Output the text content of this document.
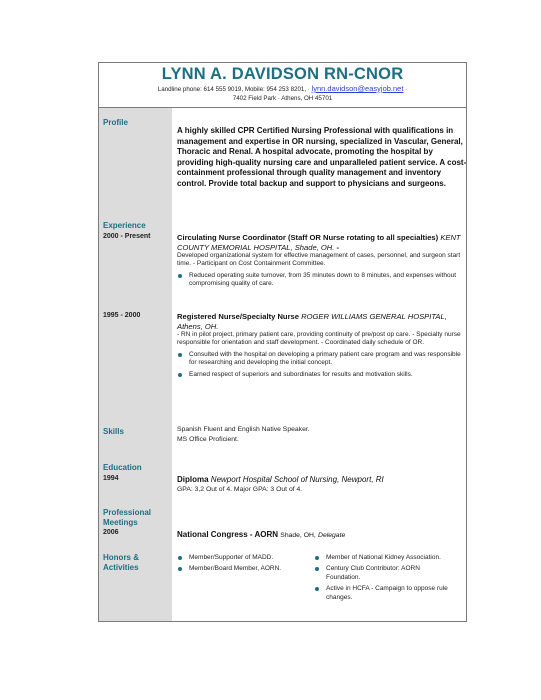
LYNN A. DAVIDSON RN-CNOR
Landline phone: 614 555 9019, Mobile: 954 253 8201, · lynn.davidson@easyjob.net ·
7402 Field Park · Athens, OH 45701
Profile
A highly skilled CPR Certified Nursing Professional with qualifications in management and expertise in OR nursing, specialized in Vascular, General, Thoracic and Renal. A hospital advocate, promoting the hospital by providing high-quality nursing care and unparalleled patient service. A cost-containment professional through quality management and inventory control. Provide total backup and support to physicians and surgeons.
Experience
2000 - Present	Circulating Nurse Coordinator (Staff OR Nurse rotating to all specialties) KENT COUNTY MEMORIAL HOSPITAL, Shade, OH. -
Developed organizational system for effective management of cases, personnel, and surgeon start time. - Participant on Cost Containment Committee.
Reduced operating suite turnover, from 35 minutes down to 8 minutes, and expenses without compromising quality of care.
1995 - 2000	Registered Nurse/Specialty Nurse ROGER WILLIAMS GENERAL HOSPITAL, Athens, OH.
- RN in pilot project, primary patient care, providing continuity of pre/post op care. - Specialty nurse responsible for orientation and staff development. - Coordinated daily schedule of OR.
Consulted with the hospital on developing a primary patient care program and was responsible for researching and developing the initial concept.
Earned respect of superiors and subordinates for results and motivation skills.
Skills	Spanish Fluent and English Native Speaker.
MS Office Proficient.
Education
1994	Diploma Newport Hospital School of Nursing, Newport, RI
GPA: 3,2 Out of 4. Major GPA: 3 Out of 4.
Professional
Meetings
2006	National Congress - AORN Shade, OH, Delegate
Honors &
Activities
Member/Supporter of MADD.
Member/Board Member, AORN.
Member of National Kidney Association.
Century Club Contributor: AORN Foundation.
Active in HCFA - Campaign to oppose rule changes.
